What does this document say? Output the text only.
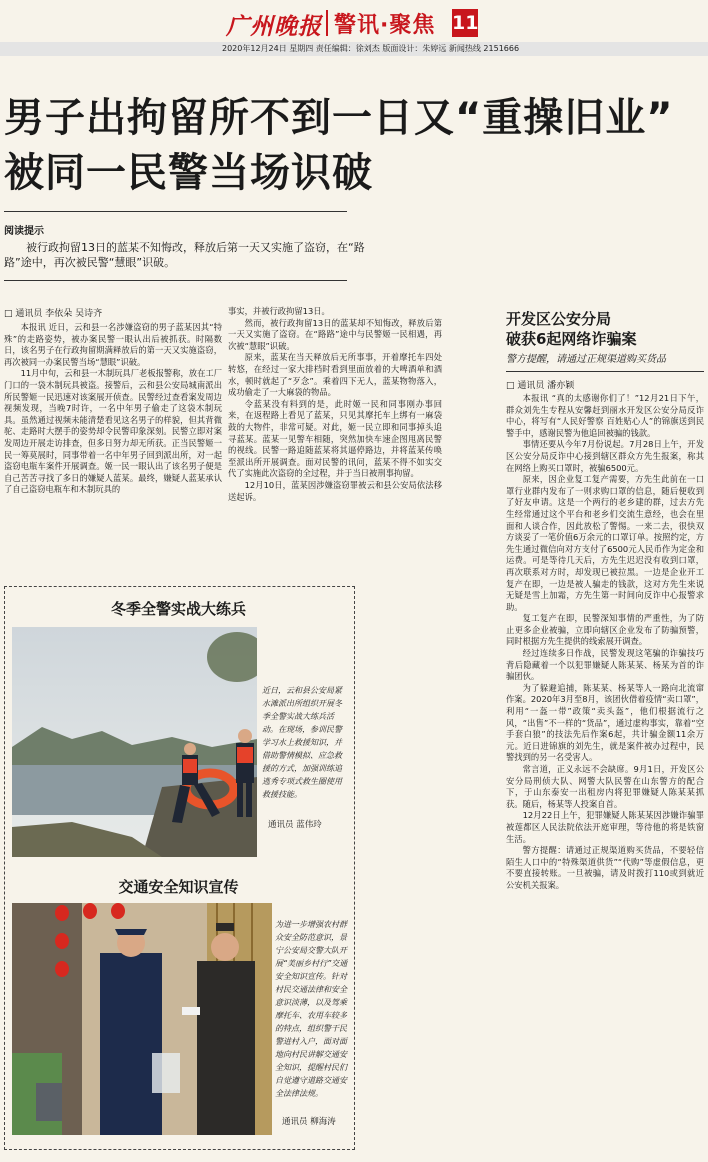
广州晚报 警讯·聚焦 11
2020年12月24日 星期四 责任编辑：徐刘杰 版面设计：朱婷远 新闻热线 2151666
男子出拘留所不到一日又“重操旧业”
被同一民警当场识破
阅读提示
被行政拘留13日的蓝某不知悔改，释放后第一天又实施了盗窃，在“路路”途中，再次被民警“慧眼”识破。
□ 通讯员 李依朵 吴诗齐

本报讯 近日，云和县一名涉嫌盗窃的男子蓝某因其“特殊”的走路姿势，被办案民警一眼认出后被抓获。时隔数日，该名男子在行政拘留期满释放后的第一天又实施盗窃，再次被同一办案民警当场“慧眼”识破。

11月中旬，云和县一木制玩具厂老板报警称，放在工厂门口的一袋木制玩具被盗。接警后，云和县公安局城南派出所民警姬一民迅速对该案展开侦查。民警经过查看案发周边视频发现，当晚7时许，一名中年男子偷走了这袋木制玩具。虽然通过视频未能清楚看见这名男子的样貌，但其背微驼、走路时大摆手的姿势却令民警印象深刻。民警立即对案发周边开展走访排查，但多日努力却无所获。正当民警姬一民一筹莫展时，同事带着一名中年男子回到派出所，对一起盗窃电瓶车案件开展调查。姬一民一眼认出了该名男子便是自己苦苦寻找了多日的嫌疑人蓝某。最终，嫌疑人蓝某承认了自己盗窃电瓶车和木制玩具的

事实，并被行政拘留13日。

然而，被行政拘留13日的蓝某却不知悔改，释放后第一天又实施了盗窃。在“路路”途中与民警姬一民相遇，再次被“慧眼”识破。

原来，蓝某在当天释放后无所事事，开着摩托车四处转悠，在经过一家大排档时看到里面放着的大啤酒单和酒水，顿时就起了“歹念”。乘着四下无人，蓝某物物落入，成功偷走了一大麻袋的物品。

令蓝某没有料到的是，此时姬一民和同事刚办事回来，在返程路上看见了蓝某，只见其摩托车上绑有一麻袋鼓的大物件，非常可疑。对此，姬一民立即和同事掉头追寻蓝某。蓝某一见警车相随，突然加快车速企图甩离民警的视线。民警一路追随蓝某将其逼停路边，并将蓝某传唤至派出所开展调查。面对民警的讯问，蓝某不得不如实交代了实施此次盗窃的全过程，并于当日被刑事拘留。

12月10日，蓝某因涉嫌盗窃罪被云和县公安局依法移送起诉。

冬季全警实战大练兵
近日，云和县公安局紧水滩派出所组织开展冬季全警实战大练兵活动。在现场，参训民警学习水上救援知识，并借助警情模拟、应急救援的方式，加强训练追逃秀专项式救生圈使用救援技能。
通讯员 蓝伟玲
交通安全知识宣传
为进一步增强农村群众安全防范意识，景宁公安局交警大队开展“美丽乡村行”交通安全知识宣传。针对村民交通法律和安全意识淡薄，以及驾乘摩托车、农用车较多的特点，组织警干民警进村入户，面对面地向村民讲解交通安全知识，提醒村民们自觉遵守道路交通安全法律法规。
通讯员 柳海涛
开发区公安分局
破获6起网络诈骗案
警方提醒，请通过正规渠道购买货品
□ 通讯员 潘亦颖

本报讯 “真的太感谢你们了！”12月21日下午，群众刘先生专程从安馨赶到丽水开发区公安分局反诈中心，将写有“人民好警察 百姓贴心人”的锦旗送到民警手中，感谢民警为他追回被骗的钱款。

事情还要从今年7月份说起。7月28日上午，开发区公安分局反诈中心接到辖区群众方先生报案，称其在网络上购买口罩时，被骗6500元。

原来，因企业复工复产需要，方先生此前在一口罩行业群内发布了一则求购口罩的信息，随后便收到了好友申请。这是一个两行的老乡建的群，过去方先生经常通过这个平台和老乡们交流生意经，也会在里面和人谈合作，因此放松了警惕。一来二去，很快双方谈妥了一笔价值6万余元的口罩订单。按照约定，方先生通过微信向对方支付了6500元人民币作为定金和运费。可是等待几天后，方先生迟迟没有收到口罩，再次联系对方时，却发现已被拉黑。一边是企业开工复产在即，一边是被人骗走的钱款，这对方先生来说无疑是雪上加霜，方先生第一时间向反诈中心报警求助。

复工复产在即，民警深知事情的严重性，为了防止更多企业被骗，立即向辖区企业发布了防骗预警，同时根据方先生提供的线索展开调查。

经过连续多日作战，民警发现这笔骗的诈骗技巧背后隐藏着一个以犯罪嫌疑人陈某某、杨某为首的诈骗团伙。

为了躲避追捕，陈某某、杨某等人一路向北流窜作案。2020年3月至8月，该团伙借着疫情“卖口罩”，利用“一盔一带”政策“卖头盔”，他们根据流行之风，“出售”不一样的“货品”，通过虚构事实，靠着“空手套白狼”的技法先后作案6起，共计骗金额11余万元。近日进锦旗的刘先生，就是案件被办过程中，民警找到的另一名受害人。

常言道，正义永远不会缺席。9月1日，开发区公安分局刑侦大队、网警大队民警在山东警方的配合下，于山东泰安一出租房内将犯罪嫌疑人陈某某抓获。随后，杨某等人投案自首。

12月22日上午，犯罪嫌疑人陈某某因涉嫌诈骗罪被莲都区人民法院依法开庭审理，等待他的将是铁窗生活。

警方提醒：请通过正规渠道购买货品，不要轻信陌生人口中的“特殊渠道供货”“代购”等虚假信息，更不要直接转账。一旦被骗，请及时拨打110或到就近公安机关报案。
